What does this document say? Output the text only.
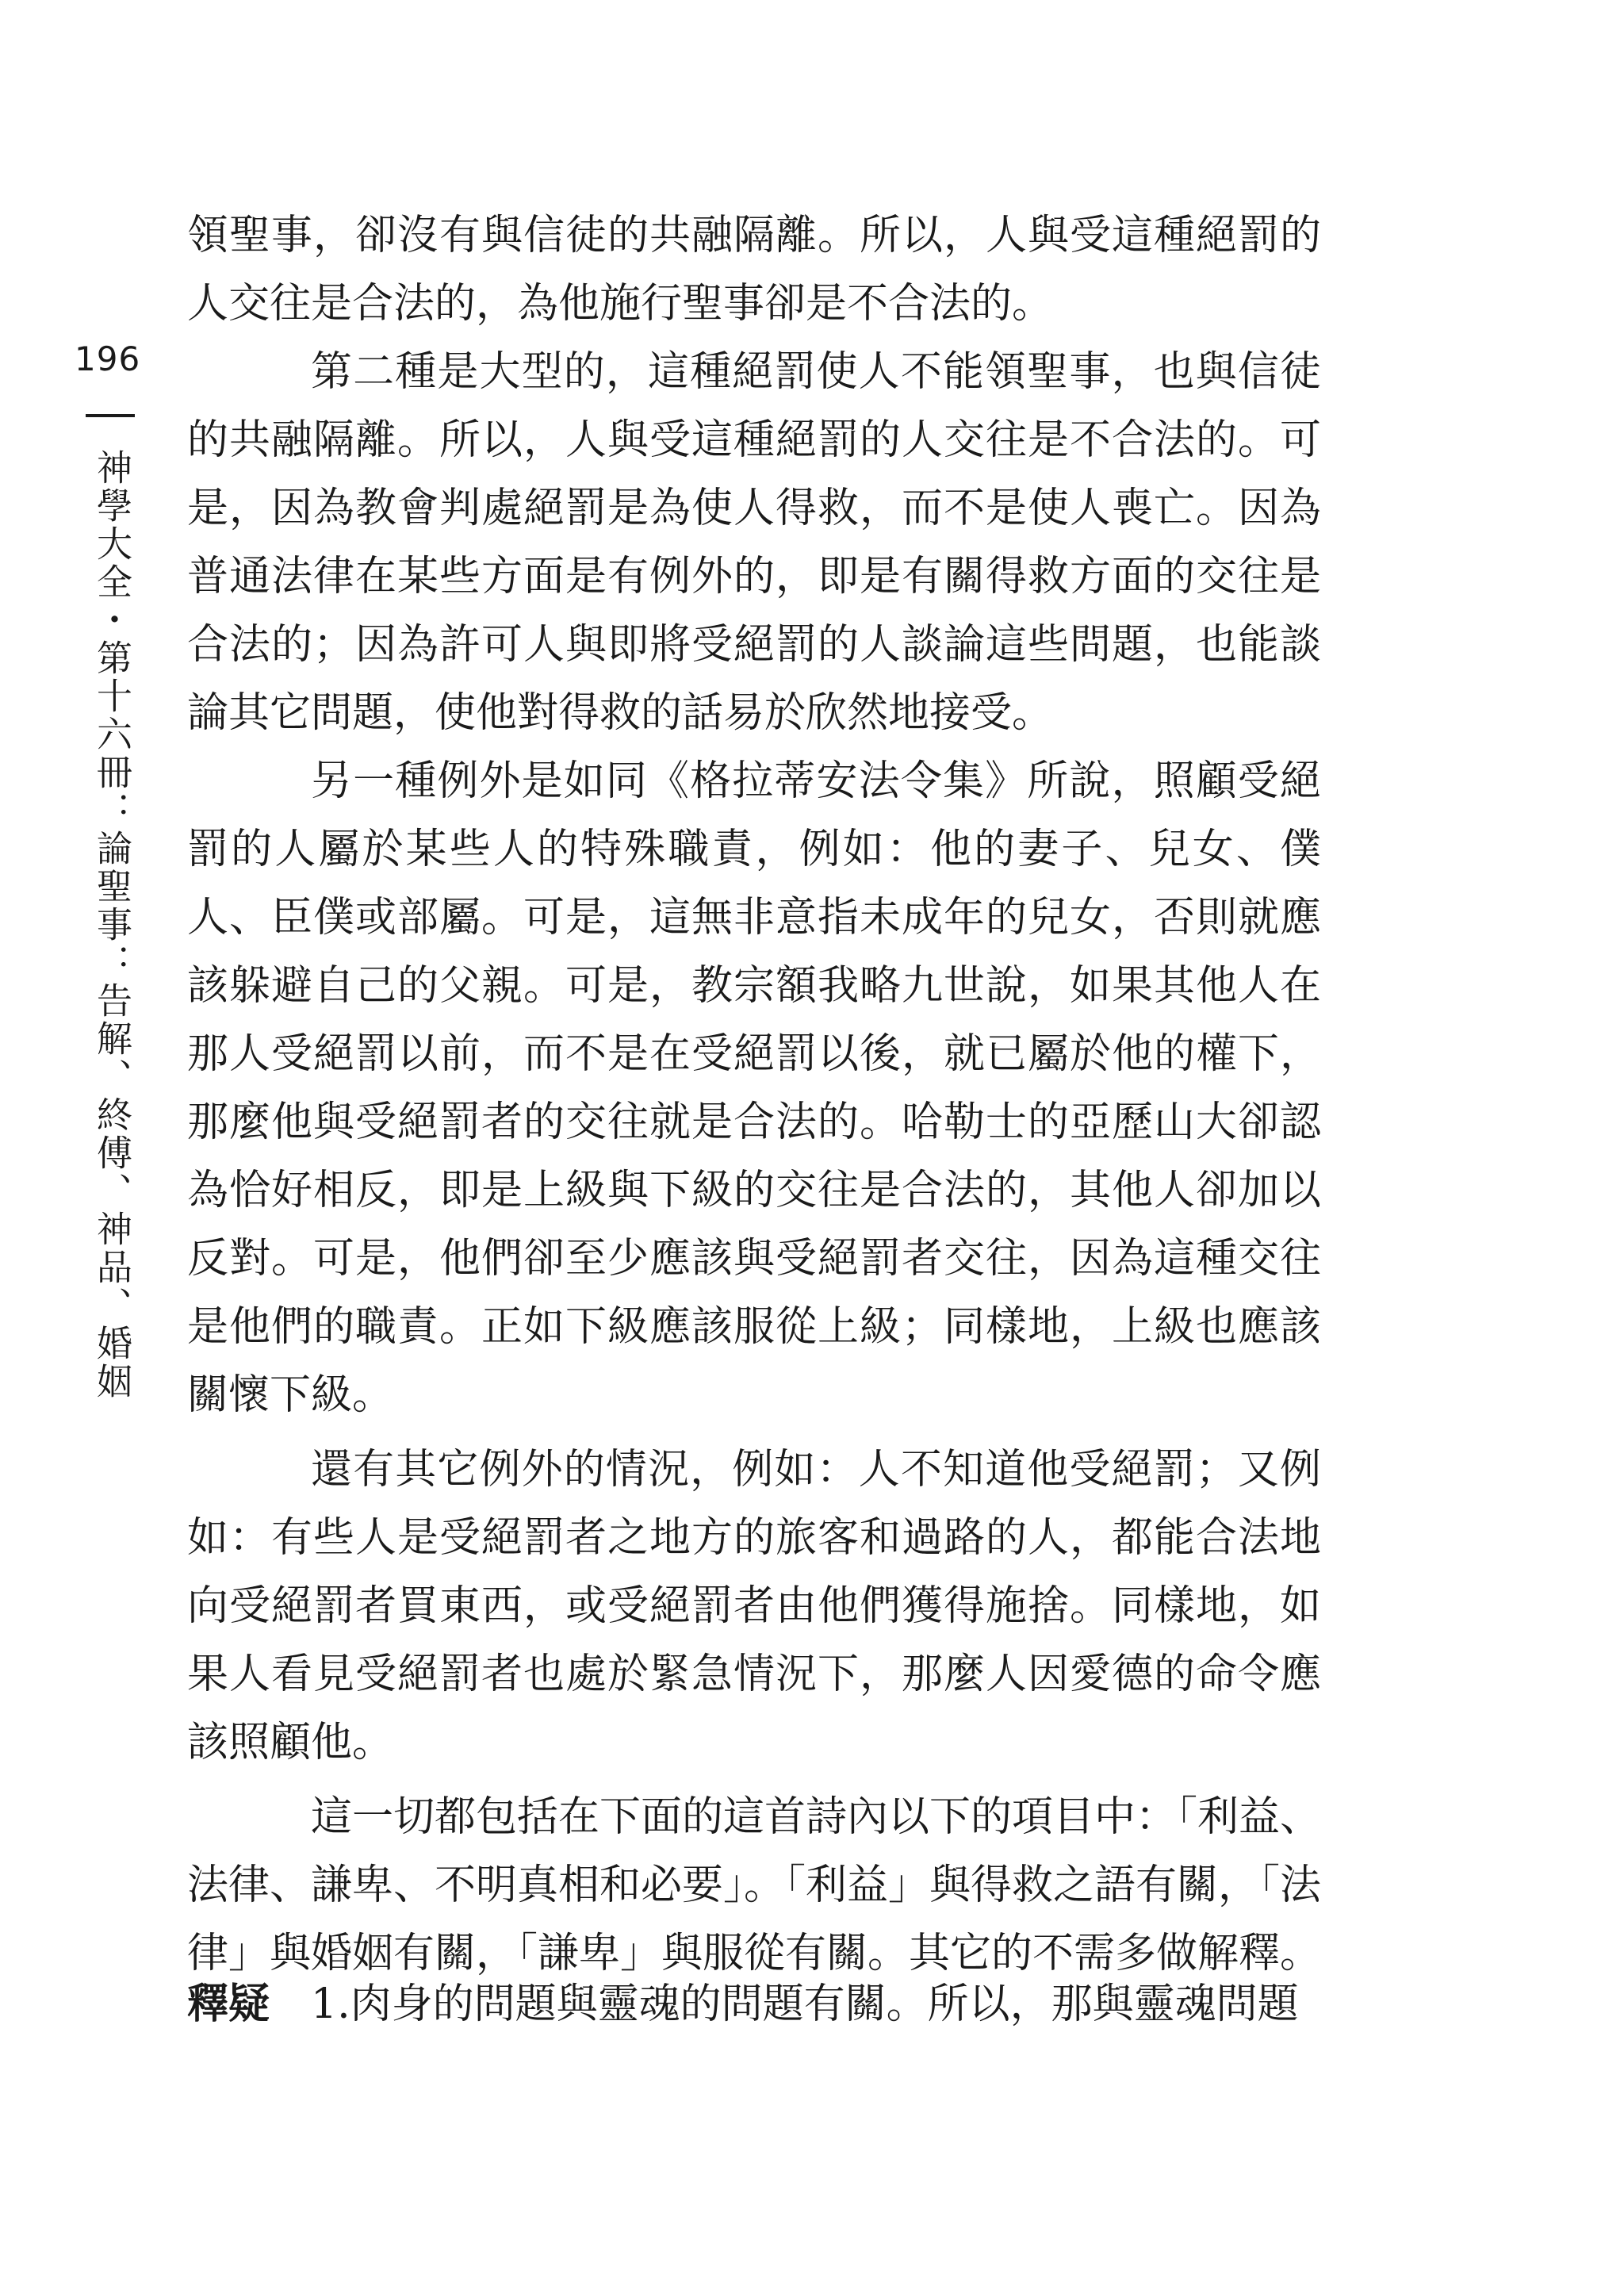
196
神學大全・第十六冊：論聖事：告解、終傅、神品、婚姻

領聖事，卻沒有與信徒的共融隔離。所以，人與受這種絕罰的人交往是合法的，為他施行聖事卻是不合法的。

第二種是大型的，這種絕罰使人不能領聖事，也與信徒的共融隔離。所以，人與受這種絕罰的人交往是不合法的。可是，因為教會判處絕罰是為使人得救，而不是使人喪亡。因為普通法律在某些方面是有例外的，即是有關得救方面的交往是合法的；因為許可人與即將受絕罰的人談論這些問題，也能談論其它問題，使他對得救的話易於欣然地接受。

另一種例外是如同《格拉蒂安法令集》所說，照顧受絕罰的人屬於某些人的特殊職責，例如：他的妻子、兒女、僕人、臣僕或部屬。可是，這無非意指未成年的兒女，否則就應該躲避自己的父親。可是，教宗額我略九世說，如果其他人在那人受絕罰以前，而不是在受絕罰以後，就已屬於他的權下，那麼他與受絕罰者的交往就是合法的。哈勒士的亞歷山大卻認為恰好相反，即是上級與下級的交往是合法的，其他人卻加以反對。可是，他們卻至少應該與受絕罰者交往，因為這種交往是他們的職責。正如下級應該服從上級；同樣地，上級也應該關懷下級。

還有其它例外的情況，例如：人不知道他受絕罰；又例如：有些人是受絕罰者之地方的旅客和過路的人，都能合法地向受絕罰者買東西，或受絕罰者由他們獲得施捨。同樣地，如果人看見受絕罰者也處於緊急情況下，那麼人因愛德的命令應該照顧他。

這一切都包括在下面的這首詩內以下的項目中：「利益、法律、謙卑、不明真相和必要」。「利益」與得救之語有關，「法律」與婚姻有關，「謙卑」與服從有關。其它的不需多做解釋。

釋疑 1.肉身的問題與靈魂的問題有關。所以，那與靈魂問題
